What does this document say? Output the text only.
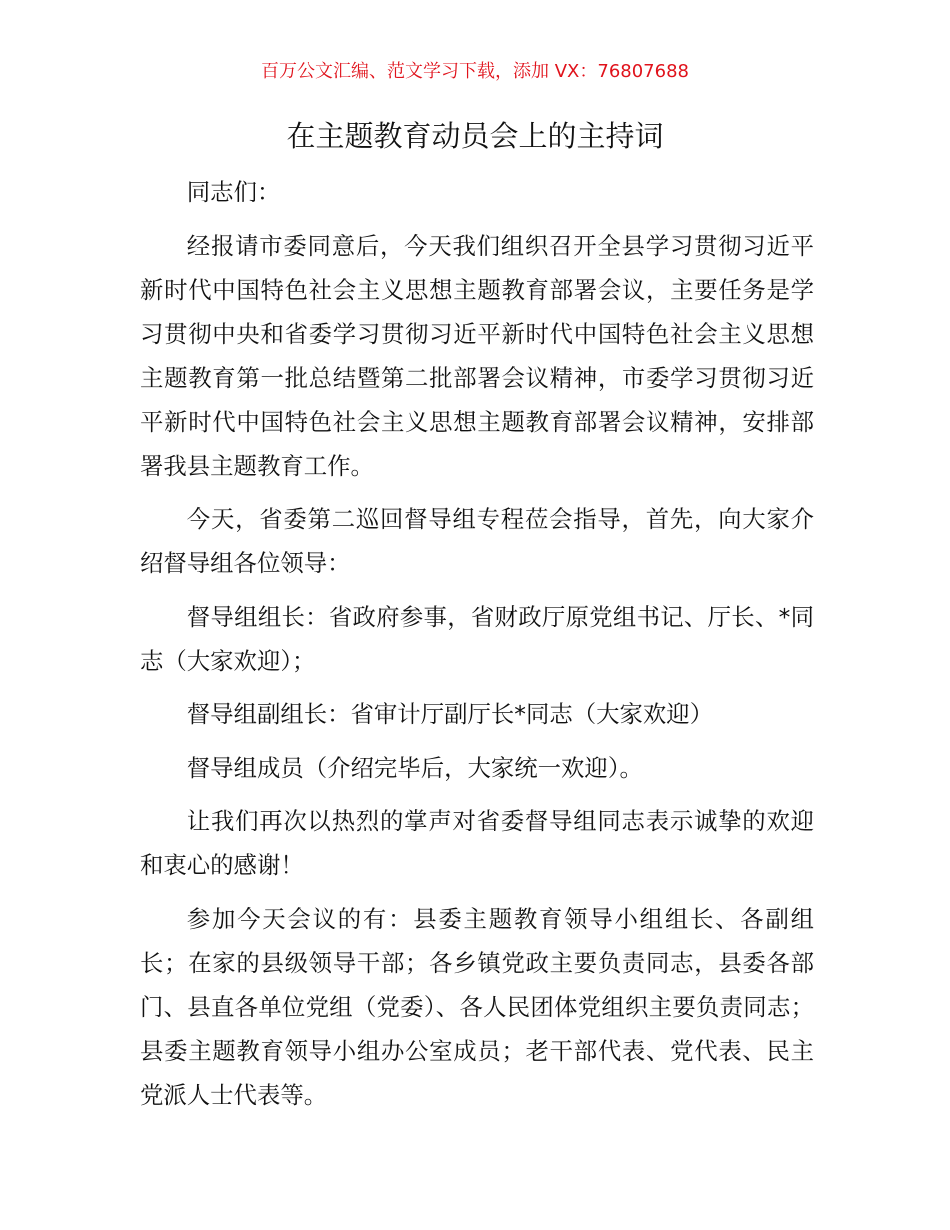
百万公文汇编、范文学习下载，添加 VX：76807688
在主题教育动员会上的主持词

同志们：

经报请市委同意后，今天我们组织召开全县学习贯彻习近平新时代中国特色社会主义思想主题教育部署会议，主要任务是学习贯彻中央和省委学习贯彻习近平新时代中国特色社会主义思想主题教育第一批总结暨第二批部署会议精神，市委学习贯彻习近平新时代中国特色社会主义思想主题教育部署会议精神，安排部署我县主题教育工作。

今天，省委第二巡回督导组专程莅会指导，首先，向大家介绍督导组各位领导：

督导组组长：省政府参事，省财政厅原党组书记、厅长、*同志（大家欢迎）；

督导组副组长：省审计厅副厅长*同志（大家欢迎）

督导组成员（介绍完毕后，大家统一欢迎）。

让我们再次以热烈的掌声对省委督导组同志表示诚挚的欢迎和衷心的感谢！

参加今天会议的有：县委主题教育领导小组组长、各副组长；在家的县级领导干部；各乡镇党政主要负责同志，县委各部门、县直各单位党组（党委）、各人民团体党组织主要负责同志；县委主题教育领导小组办公室成员；老干部代表、党代表、民主党派人士代表等。
